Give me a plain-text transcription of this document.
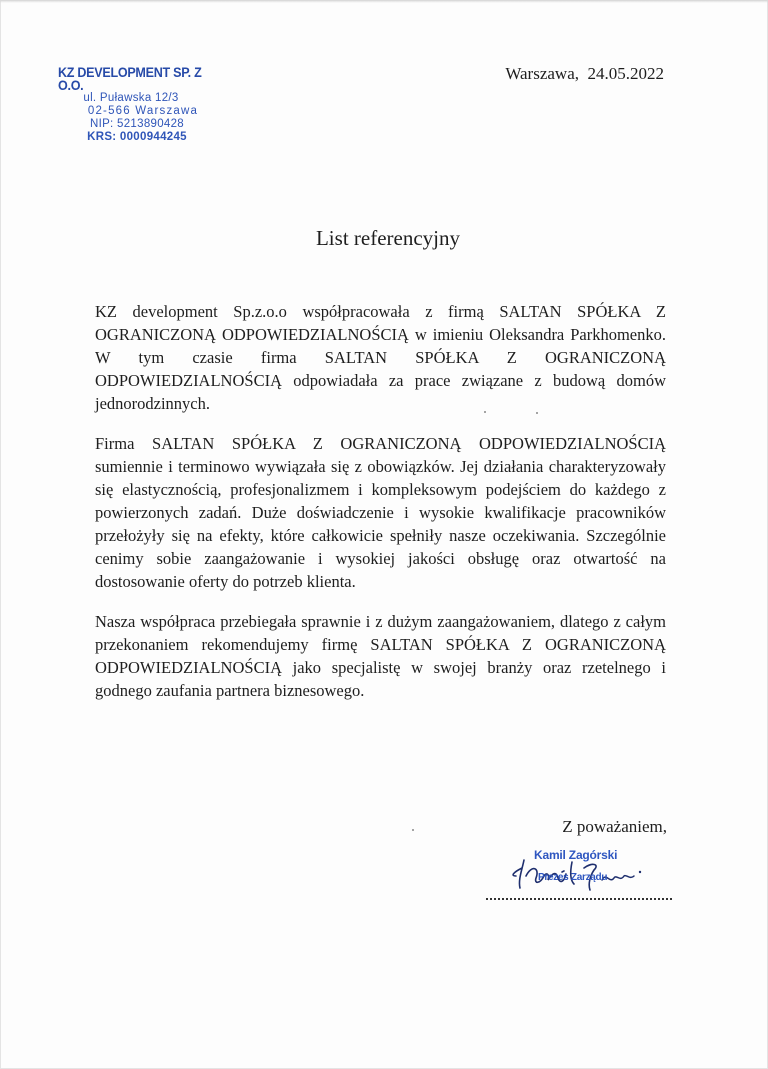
KZ DEVELOPMENT SP. Z O.O.
ul. Puławska 12/3
02-566 Warszawa
NIP: 5213890428
KRS: 0000944245
Warszawa,  24.05.2022
List referencyjny

KZ development Sp.z.o.o współpracowała z firmą SALTAN SPÓŁKA Z OGRANICZONĄ ODPOWIEDZIALNOŚCIĄ w imieniu Oleksandra Parkhomenko. W tym czasie firma SALTAN SPÓŁKA Z OGRANICZONĄ ODPOWIEDZIALNOŚCIĄ odpowiadała za prace związane z budową domów jednorodzinnych.

Firma SALTAN SPÓŁKA Z OGRANICZONĄ ODPOWIEDZIALNOŚCIĄ sumiennie i terminowo wywiązała się z obowiązków. Jej działania charakteryzowały się elastycznością, profesjonalizmem i kompleksowym podejściem do każdego z powierzonych zadań. Duże doświadczenie i wysokie kwalifikacje pracowników przełożyły się na efekty, które całkowicie spełniły nasze oczekiwania. Szczególnie cenimy sobie zaangażowanie i wysokiej jakości obsługę oraz otwartość na dostosowanie oferty do potrzeb klienta.

Nasza współpraca przebiegała sprawnie i z dużym zaangażowaniem, dlatego z całym przekonaniem rekomendujemy firmę SALTAN SPÓŁKA Z OGRANICZONĄ ODPOWIEDZIALNOŚCIĄ jako specjalistę w swojej branży oraz rzetelnego i godnego zaufania partnera biznesowego.

Z poważaniem,
Kamil Zagórski
Prezes Zarządu
